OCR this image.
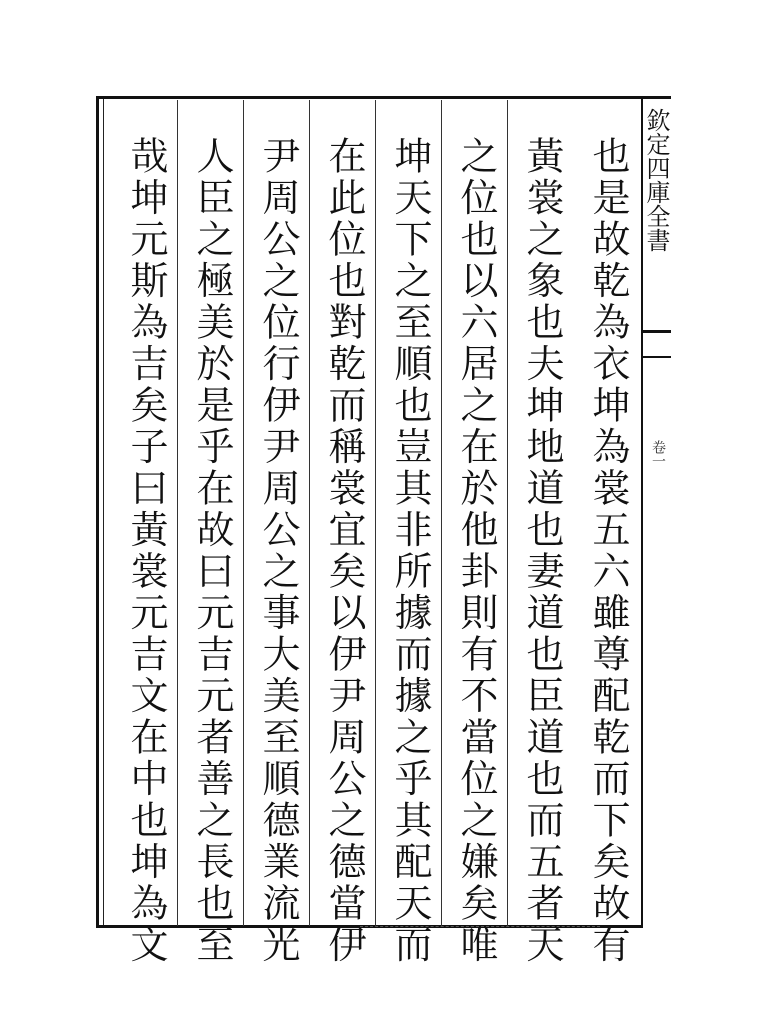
欽定四庫全書
卷一
也是故乾為衣坤為裳五六雖尊配乾而下矣故有
黃裳之象也夫坤地道也妻道也臣道也而五者天
之位也以六居之在於他卦則有不當位之嫌矣唯
坤天下之至順也豈其非所據而據之乎其配天而
在此位也對乾而稱裳宜矣以伊尹周公之德當伊
尹周公之位行伊尹周公之事大美至順德業流光
人臣之極美於是乎在故曰元吉元者善之長也至
哉坤元斯為吉矣子曰黃裳元吉文在中也坤為文
